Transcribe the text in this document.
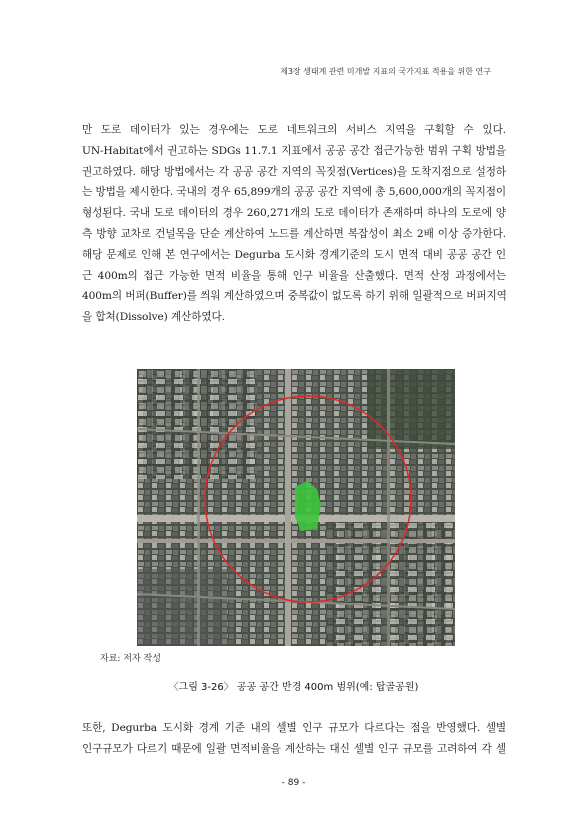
제3장 생태계 관련 미개발 지표의 국가지표 적용을 위한 연구
만 도로 데이터가 있는 경우에는 도로 네트워크의 서비스 지역을 구획할 수 있다.
UN-Habitat에서 권고하는 SDGs 11.7.1 지표에서 공공 공간 접근가능한 범위 구획 방법을
권고하였다. 해당 방법에서는 각 공공 공간 지역의 꼭짓점(Vertices)을 도착지점으로 설정하
는 방법을 제시한다. 국내의 경우 65,899개의 공공 공간 지역에 총 5,600,000개의 꼭지점이
형성된다. 국내 도로 데이터의 경우 260,271개의 도로 데이터가 존재하며 하나의 도로에 양
측 방향 교차로 건널목을 단순 계산하여 노드를 계산하면 복잡성이 최소 2배 이상 증가한다.
해당 문제로 인해 본 연구에서는 Degurba 도시화 경계기준의 도시 면적 대비 공공 공간 인
근 400m의 접근 가능한 면적 비율을 통해 인구 비율을 산출했다. 면적 산정 과정에서는
400m의 버퍼(Buffer)를 씌워 계산하였으며 중복값이 없도록 하기 위해 일괄적으로 버퍼지역
을 합쳐(Dissolve) 계산하였다.
자료: 저자 작성
〈그림 3-26〉 공공 공간 반경 400m 범위(예: 탑골공원)
또한, Degurba 도시화 경계 기준 내의 셀별 인구 규모가 다르다는 점을 반영했다. 셀별
인구규모가 다르기 때문에 일괄 면적비율을 계산하는 대신 셀별 인구 규모를 고려하여 각 셀
- 89 -
